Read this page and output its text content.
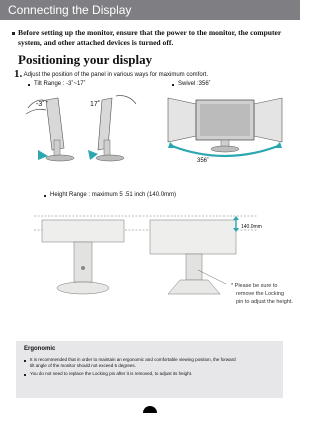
Connecting the Display
Before setting up the monitor, ensure that the power to the monitor, the computer system, and other attached devices is turned off.
Positioning your display
1. Adjust the position of the panel in various ways for maximum comfort.
Tilt Range : -3˚~17˚	Swivel :356˚
-3˚	17˚
356˚
Height Range : maximum 5 .51 inch (140.0mm)
140.0mm
* Please be sure to
remove the Locking
pin to adjust the height.
Ergonomic
It is recommended that in order to maintain an ergonomic and comfortable viewing position, the forward
tilt angle of the monitor should not exceed 5 degrees.
You do not need to replace the Locking pin after it is removed, to adjust its height.
